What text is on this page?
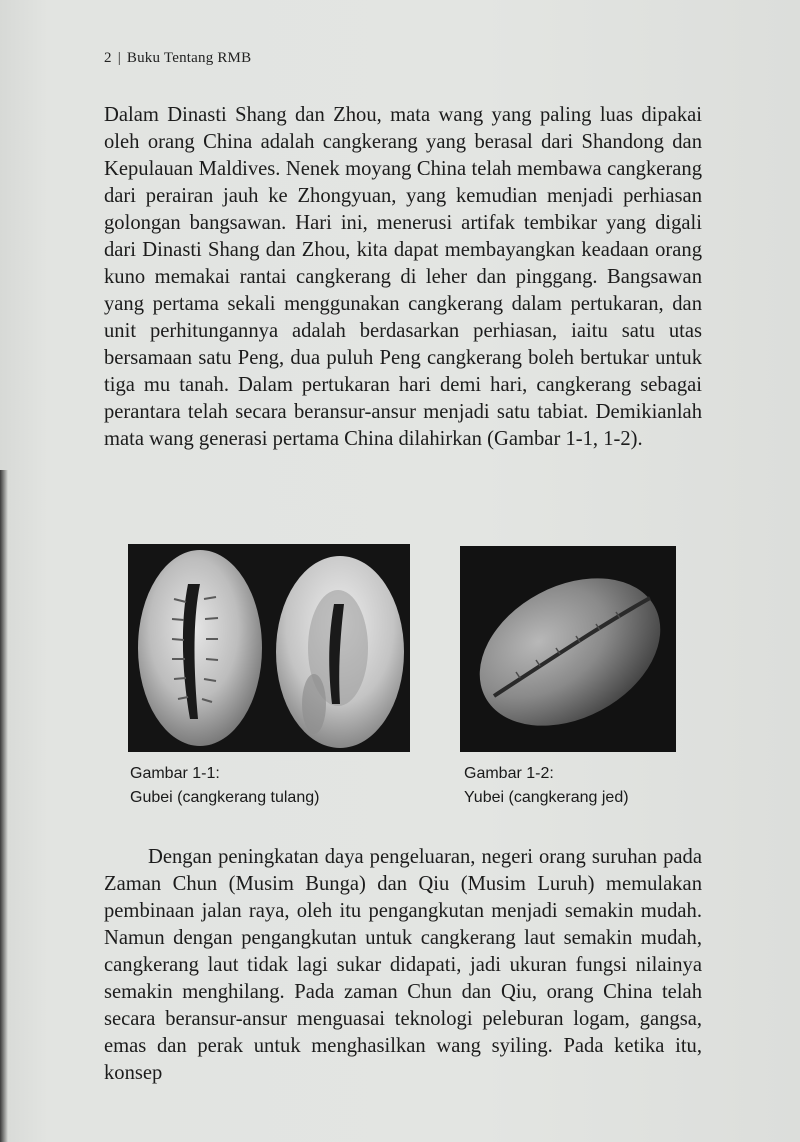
2 | Buku Tentang RMB

Dalam Dinasti Shang dan Zhou, mata wang yang paling luas dipakai oleh orang China adalah cangkerang yang berasal dari Shandong dan Kepulauan Maldives. Nenek moyang China telah membawa cangkerang dari perairan jauh ke Zhongyuan, yang kemudian menjadi perhiasan golongan bangsawan. Hari ini, menerusi artifak tembikar yang digali dari Dinasti Shang dan Zhou, kita dapat membayangkan keadaan orang kuno memakai rantai cangkerang di leher dan pinggang. Bangsawan yang pertama sekali menggunakan cangkerang dalam pertukaran, dan unit perhitungannya adalah berdasarkan perhiasan, iaitu satu utas bersamaan satu Peng, dua puluh Peng cangkerang boleh bertukar untuk tiga mu tanah. Dalam pertukaran hari demi hari, cangkerang sebagai perantara telah secara beransur-ansur menjadi satu tabiat. Demikianlah mata wang generasi pertama China dilahirkan (Gambar 1-1, 1-2).

Gambar 1-1:
Gubei (cangkerang tulang)
Gambar 1-2:
Yubei (cangkerang jed)

Dengan peningkatan daya pengeluaran, negeri orang suruhan pada Zaman Chun (Musim Bunga) dan Qiu (Musim Luruh) memulakan pembinaan jalan raya, oleh itu pengangkutan menjadi semakin mudah. Namun dengan pengangkutan untuk cangkerang laut semakin mudah, cangkerang laut tidak lagi sukar didapati, jadi ukuran fungsi nilainya semakin menghilang. Pada zaman Chun dan Qiu, orang China telah secara beransur-ansur menguasai teknologi peleburan logam, gangsa, emas dan perak untuk menghasilkan wang syiling. Pada ketika itu, konsep
